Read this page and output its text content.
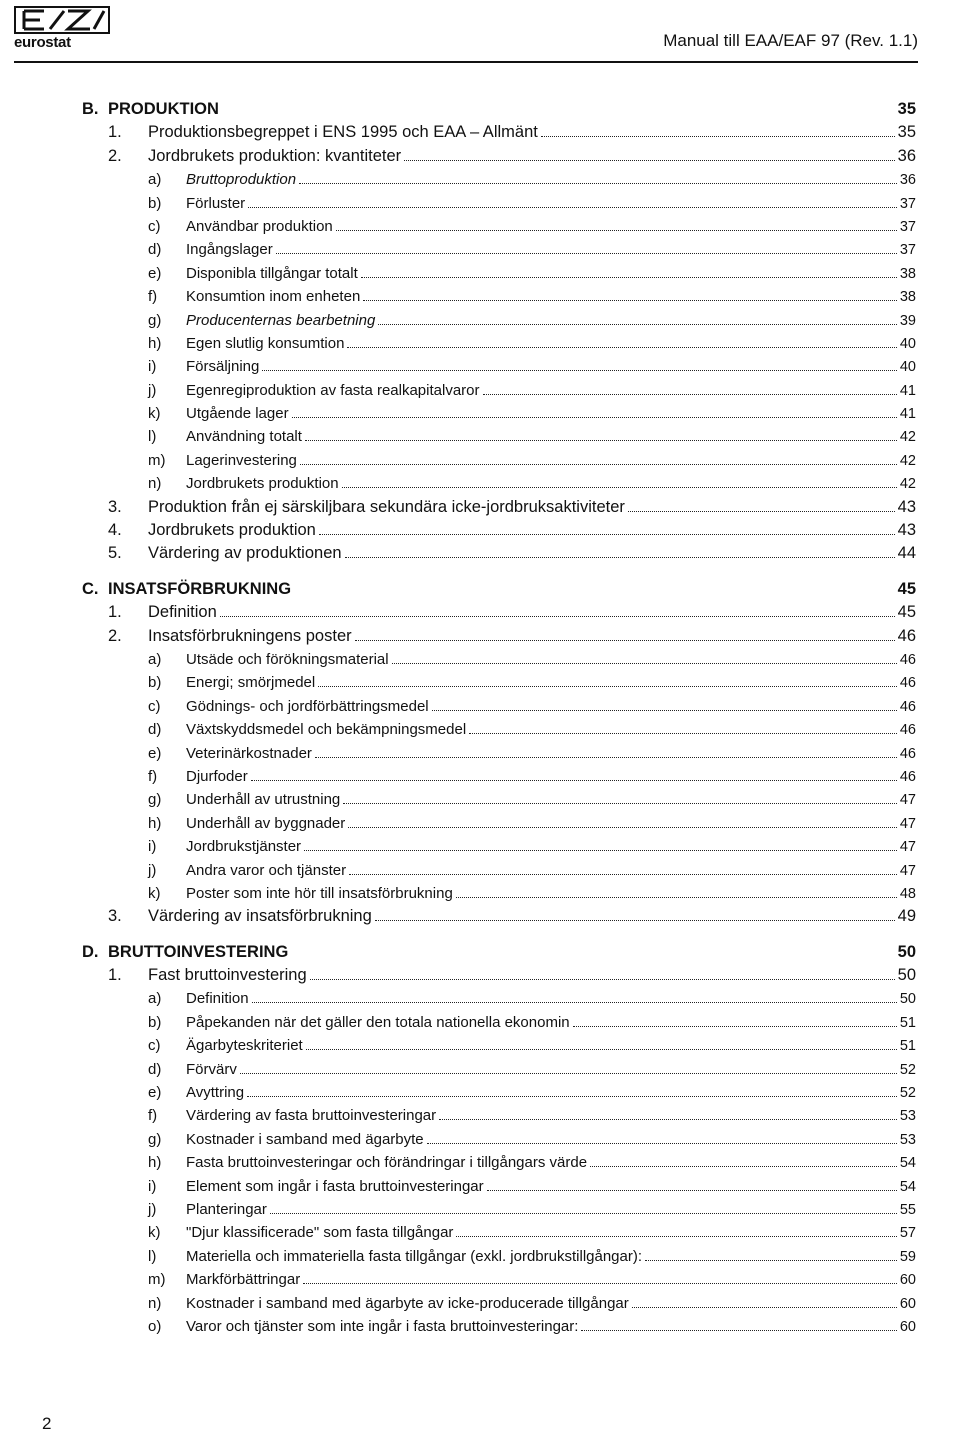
eurostat	Manual till EAA/EAF 97 (Rev. 1.1)
B. PRODUKTION	35
1.	Produktionsbegreppet i ENS 1995 och EAA – Allmänt	35
2.	Jordbrukets produktion: kvantiteter	36
a)	Bruttoproduktion	36
b)	Förluster	37
c)	Användbar produktion	37
d)	Ingångslager	37
e)	Disponibla tillgångar totalt	38
f)	Konsumtion inom enheten	38
g)	Producenternas bearbetning	39
h)	Egen slutlig konsumtion	40
i)	Försäljning	40
j)	Egenregiproduktion av fasta realkapitalvaror	41
k)	Utgående lager	41
l)	Användning totalt	42
m)	Lagerinvestering	42
n)	Jordbrukets produktion	42
3.	Produktion från ej särskiljbara sekundära icke-jordbruksaktiviteter	43
4.	Jordbrukets produktion	43
5.	Värdering av produktionen	44
C. INSATSFÖRBRUKNING	45
1.	Definition	45
2.	Insatsförbrukningens poster	46
a)	Utsäde och förökningsmaterial	46
b)	Energi; smörjmedel	46
c)	Gödnings- och jordförbättringsmedel	46
d)	Växtskyddsmedel och bekämpningsmedel	46
e)	Veterinärkostnader	46
f)	Djurfoder	46
g)	Underhåll av utrustning	47
h)	Underhåll av byggnader	47
i)	Jordbrukstjänster	47
j)	Andra varor och tjänster	47
k)	Poster som inte hör till insatsförbrukning	48
3.	Värdering av insatsförbrukning	49
D. BRUTTOINVESTERING	50
1.	Fast bruttoinvestering	50
a)	Definition	50
b)	Påpekanden när det gäller den totala nationella ekonomin	51
c)	Ägarbyteskriteriet	51
d)	Förvärv	52
e)	Avyttring	52
f)	Värdering av fasta bruttoinvesteringar	53
g)	Kostnader i samband med ägarbyte	53
h)	Fasta bruttoinvesteringar och förändringar i tillgångars värde	54
i)	Element som ingår i fasta bruttoinvesteringar	54
j)	Planteringar	55
k)	"Djur klassificerade" som fasta tillgångar	57
l)	Materiella och immateriella fasta tillgångar (exkl. jordbrukstillgångar):	59
m)	Markförbättringar	60
n)	Kostnader i samband med ägarbyte av icke-producerade tillgångar	60
o)	Varor och tjänster som inte ingår i fasta bruttoinvesteringar:	60
2
